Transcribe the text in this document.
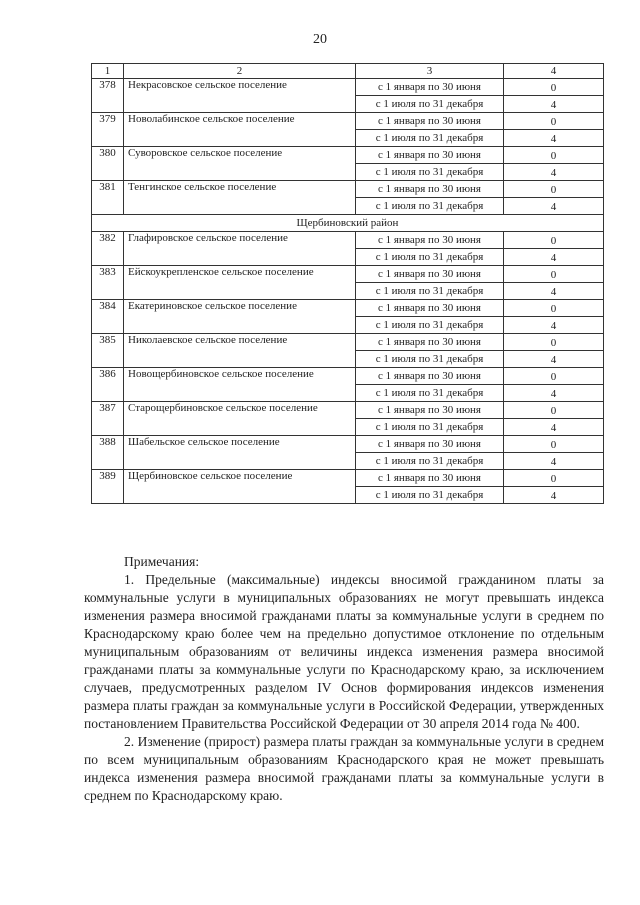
20
1	2	3	4
378	Некрасовское сельское поселение	с 1 января по 30 июня	0
		с 1 июля по 31 декабря	4
379	Новолабинское сельское поселение	с 1 января по 30 июня	0
		с 1 июля по 31 декабря	4
380	Суворовское сельское поселение	с 1 января по 30 июня	0
		с 1 июля по 31 декабря	4
381	Тенгинское сельское поселение	с 1 января по 30 июня	0
		с 1 июля по 31 декабря	4
Щербиновский район			
382	Глафировское сельское поселение	с 1 января по 30 июня	0
		с 1 июля по 31 декабря	4
383	Ейскоукрепленское сельское поселение	с 1 января по 30 июня	0
		с 1 июля по 31 декабря	4
384	Екатериновское сельское поселение	с 1 января по 30 июня	0
		с 1 июля по 31 декабря	4
385	Николаевское сельское поселение	с 1 января по 30 июня	0
		с 1 июля по 31 декабря	4
386	Новощербиновское сельское поселение	с 1 января по 30 июня	0
		с 1 июля по 31 декабря	4
387	Старощербиновское сельское поселение	с 1 января по 30 июня	0
		с 1 июля по 31 декабря	4
388	Шабельское сельское поселение	с 1 января по 30 июня	0
		с 1 июля по 31 декабря	4
389	Щербиновское сельское поселение	с 1 января по 30 июня	0
		с 1 июля по 31 декабря	4

Примечания:

1. Предельные (максимальные) индексы вносимой гражданином платы за коммунальные услуги в муниципальных образованиях не могут превышать индекса изменения размера вносимой гражданами платы за коммунальные услуги в среднем по Краснодарскому краю более чем на предельно допустимое отклонение по отдельным муниципальным образованиям от величины индекса изменения размера вносимой гражданами платы за коммунальные услуги по Краснодарскому краю, за исключением случаев, предусмотренных разделом IV Основ формирования индексов изменения размера платы граждан за коммунальные услуги в Российской Федерации, утвержденных постановлением Правительства Российской Федерации от 30 апреля 2014 года № 400.

2. Изменение (прирост) размера платы граждан за коммунальные услуги в среднем по всем муниципальным образованиям Краснодарского края не может превышать индекса изменения размера вносимой гражданами платы за коммунальные услуги в среднем по Краснодарскому краю.
